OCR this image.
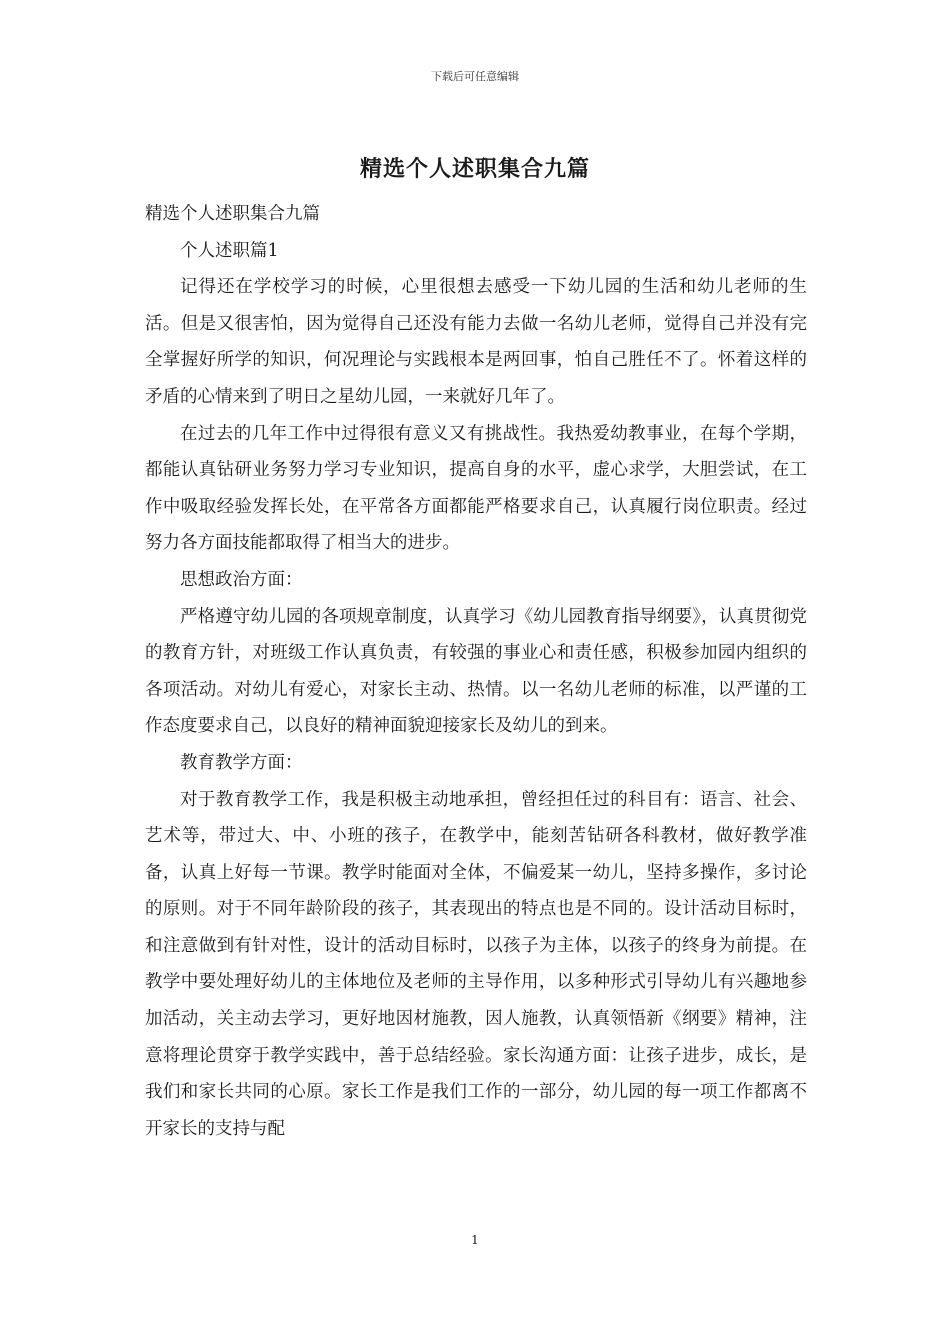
下载后可任意编辑
精选个人述职集合九篇

精选个人述职集合九篇

个人述职篇1

记得还在学校学习的时候，心里很想去感受一下幼儿园的生活和幼儿老师的生活。但是又很害怕，因为觉得自己还没有能力去做一名幼儿老师，觉得自己并没有完全掌握好所学的知识，何况理论与实践根本是两回事，怕自己胜任不了。怀着这样的矛盾的心情来到了明日之星幼儿园，一来就好几年了。

在过去的几年工作中过得很有意义又有挑战性。我热爱幼教事业，在每个学期，都能认真钻研业务努力学习专业知识，提高自身的水平，虚心求学，大胆尝试，在工作中吸取经验发挥长处，在平常各方面都能严格要求自己，认真履行岗位职责。经过努力各方面技能都取得了相当大的进步。

思想政治方面：

严格遵守幼儿园的各项规章制度，认真学习《幼儿园教育指导纲要》，认真贯彻党的教育方针，对班级工作认真负责，有较强的事业心和责任感，积极参加园内组织的各项活动。对幼儿有爱心，对家长主动、热情。以一名幼儿老师的标准，以严谨的工作态度要求自己，以良好的精神面貌迎接家长及幼儿的到来。

教育教学方面：

对于教育教学工作，我是积极主动地承担，曾经担任过的科目有：语言、社会、艺术等，带过大、中、小班的孩子，在教学中，能刻苦钻研各科教材，做好教学准备，认真上好每一节课。教学时能面对全体，不偏爱某一幼儿，坚持多操作，多讨论的原则。对于不同年龄阶段的孩子，其表现出的特点也是不同的。设计活动目标时，和注意做到有针对性，设计的活动目标时，以孩子为主体，以孩子的终身为前提。在教学中要处理好幼儿的主体地位及老师的主导作用，以多种形式引导幼儿有兴趣地参加活动，关主动去学习，更好地因材施教，因人施教，认真领悟新《纲要》精神，注意将理论贯穿于教学实践中，善于总结经验。家长沟通方面：让孩子进步，成长，是我们和家长共同的心原。家长工作是我们工作的一部分，幼儿园的每一项工作都离不开家长的支持与配

1
